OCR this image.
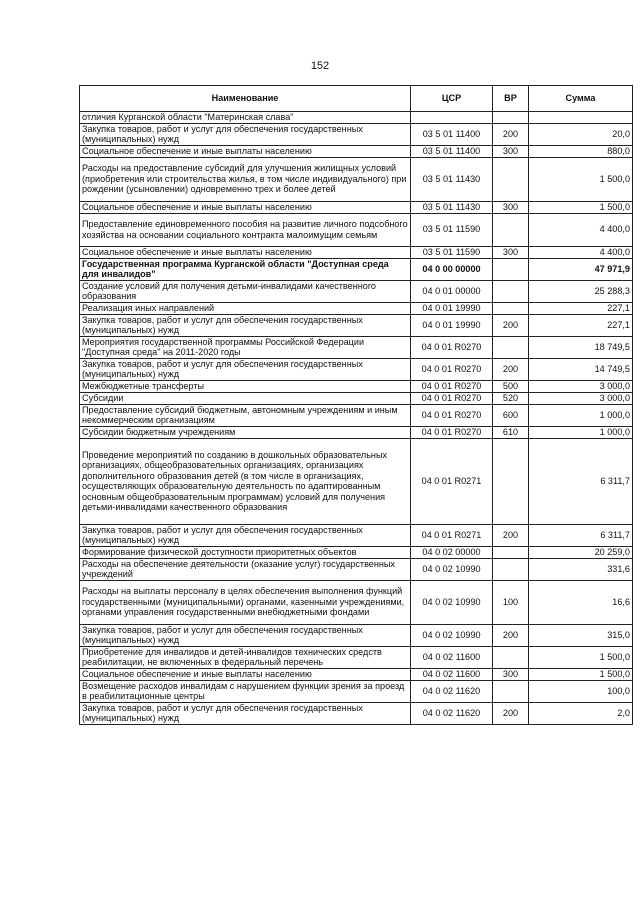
152
Наименование	ЦСР	ВР	Сумма
отличия Курганской области "Материнская слава"			
Закупка товаров, работ и услуг для обеспечения государственных (муниципальных) нужд	03 5 01 11400	200	20,0
Социальное обеспечение и иные выплаты населению	03 5 01 11400	300	880,0
Расходы на предоставление субсидий для улучшения жилищных условий (приобретения или строительства жилья, в том числе индивидуального) при рождении (усыновлении) одновременно трех и более детей	03 5 01 11430		1 500,0
Социальное обеспечение и иные выплаты населению	03 5 01 11430	300	1 500,0
Предоставление единовременного пособия на развитие личного подсобного хозяйства на основании социального контракта малоимущим семьям	03 5 01 11590		4 400,0
Социальное обеспечение и иные выплаты населению	03 5 01 11590	300	4 400,0
Государственная программа Курганской области "Доступная среда для инвалидов"	04 0 00 00000		47 971,9
Создание условий для получения детьми-инвалидами качественного образования	04 0 01 00000		25 288,3
Реализация иных направлений	04 0 01 19990		227,1
Закупка товаров, работ и услуг для обеспечения государственных (муниципальных) нужд	04 0 01 19990	200	227,1
Мероприятия государственной программы Российской Федерации "Доступная среда" на 2011-2020 годы	04 0 01 R0270		18 749,5
Закупка товаров, работ и услуг для обеспечения государственных (муниципальных) нужд	04 0 01 R0270	200	14 749,5
Межбюджетные трансферты	04 0 01 R0270	500	3 000,0
Субсидии	04 0 01 R0270	520	3 000,0
Предоставление субсидий бюджетным, автономным учреждениям и иным некоммерческим организациям	04 0 01 R0270	600	1 000,0
Субсидии бюджетным учреждениям	04 0 01 R0270	610	1 000,0
Проведение мероприятий по созданию в дошкольных образовательных организациях, общеобразовательных организациях, организациях дополнительного образования детей (в том числе в организациях, осуществляющих образовательную деятельность по адаптированным основным общеобразовательным программам) условий для получения детьми-инвалидами качественного образования	04 0 01 R0271		6 311,7
Закупка товаров, работ и услуг для обеспечения государственных (муниципальных) нужд	04 0 01 R0271	200	6 311,7
Формирование физической доступности приоритетных объектов	04 0 02 00000		20 259,0
Расходы на обеспечение деятельности (оказание услуг) государственных учреждений	04 0 02 10990		331,6
Расходы на выплаты персоналу в целях обеспечения выполнения функций государственными (муниципальными) органами, казенными учреждениями, органами управления государственными внебюджетными фондами	04 0 02 10990	100	16,6
Закупка товаров, работ и услуг для обеспечения государственных (муниципальных) нужд	04 0 02 10990	200	315,0
Приобретение для инвалидов и детей-инвалидов технических средств реабилитации, не включенных в федеральный перечень	04 0 02 11600		1 500,0
Социальное обеспечение и иные выплаты населению	04 0 02 11600	300	1 500,0
Возмещение расходов инвалидам с нарушением функции зрения за проезд в реабилитационные центры	04 0 02 11620		100,0
Закупка товаров, работ и услуг для обеспечения государственных (муниципальных) нужд	04 0 02 11620	200	2,0
